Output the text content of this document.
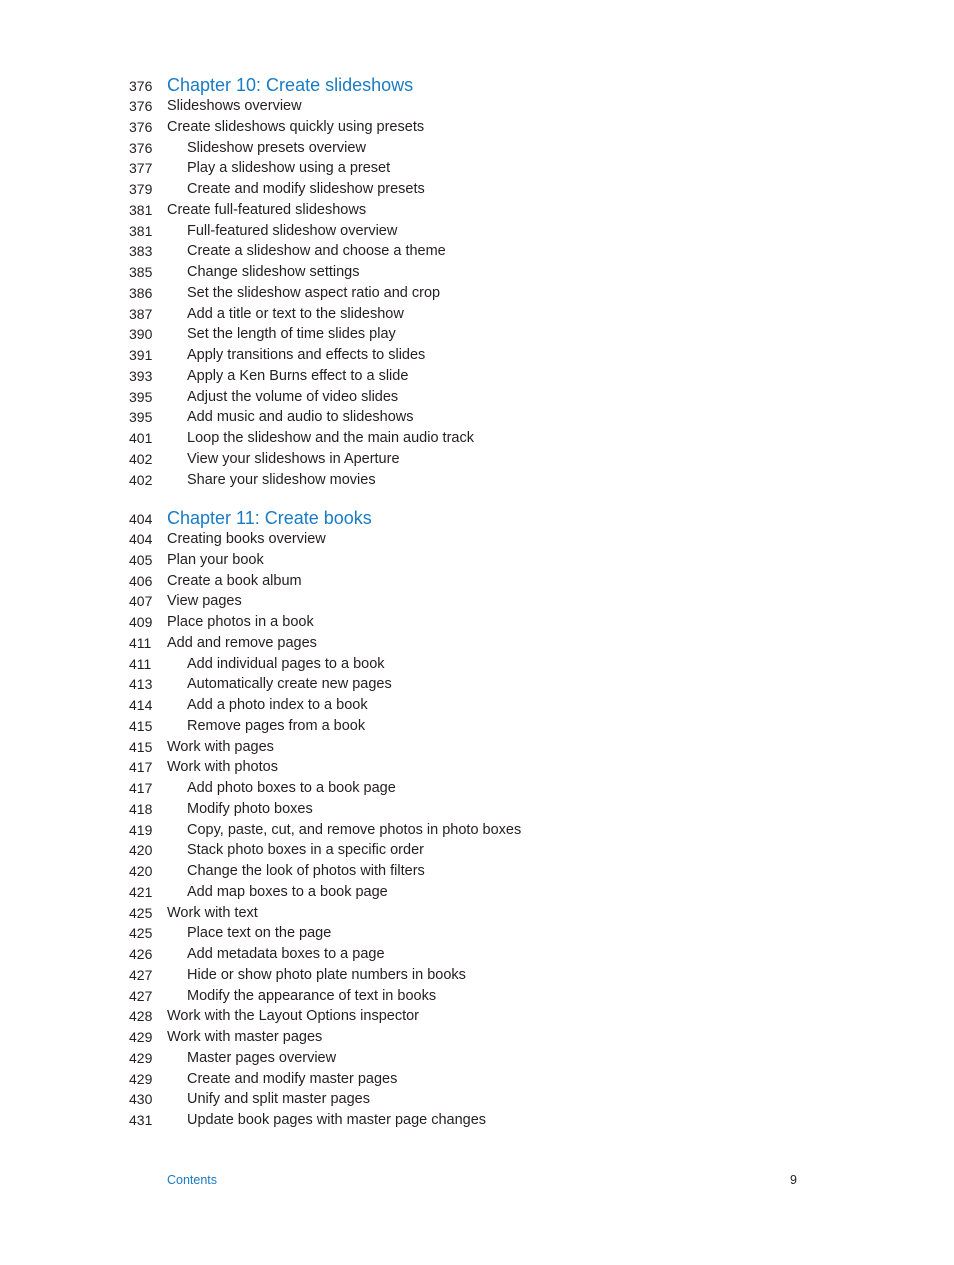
376 Chapter 10: Create slideshows
376 Slideshows overview
376 Create slideshows quickly using presets
376 Slideshow presets overview
377 Play a slideshow using a preset
379 Create and modify slideshow presets
381 Create full-featured slideshows
381 Full-featured slideshow overview
383 Create a slideshow and choose a theme
385 Change slideshow settings
386 Set the slideshow aspect ratio and crop
387 Add a title or text to the slideshow
390 Set the length of time slides play
391 Apply transitions and effects to slides
393 Apply a Ken Burns effect to a slide
395 Adjust the volume of video slides
395 Add music and audio to slideshows
401 Loop the slideshow and the main audio track
402 View your slideshows in Aperture
402 Share your slideshow movies
404 Chapter 11: Create books
404 Creating books overview
405 Plan your book
406 Create a book album
407 View pages
409 Place photos in a book
411 Add and remove pages
411 Add individual pages to a book
413 Automatically create new pages
414 Add a photo index to a book
415 Remove pages from a book
415 Work with pages
417 Work with photos
417 Add photo boxes to a book page
418 Modify photo boxes
419 Copy, paste, cut, and remove photos in photo boxes
420 Stack photo boxes in a specific order
420 Change the look of photos with filters
421 Add map boxes to a book page
425 Work with text
425 Place text on the page
426 Add metadata boxes to a page
427 Hide or show photo plate numbers in books
427 Modify the appearance of text in books
428 Work with the Layout Options inspector
429 Work with master pages
429 Master pages overview
429 Create and modify master pages
430 Unify and split master pages
431 Update book pages with master page changes
Contents	9
